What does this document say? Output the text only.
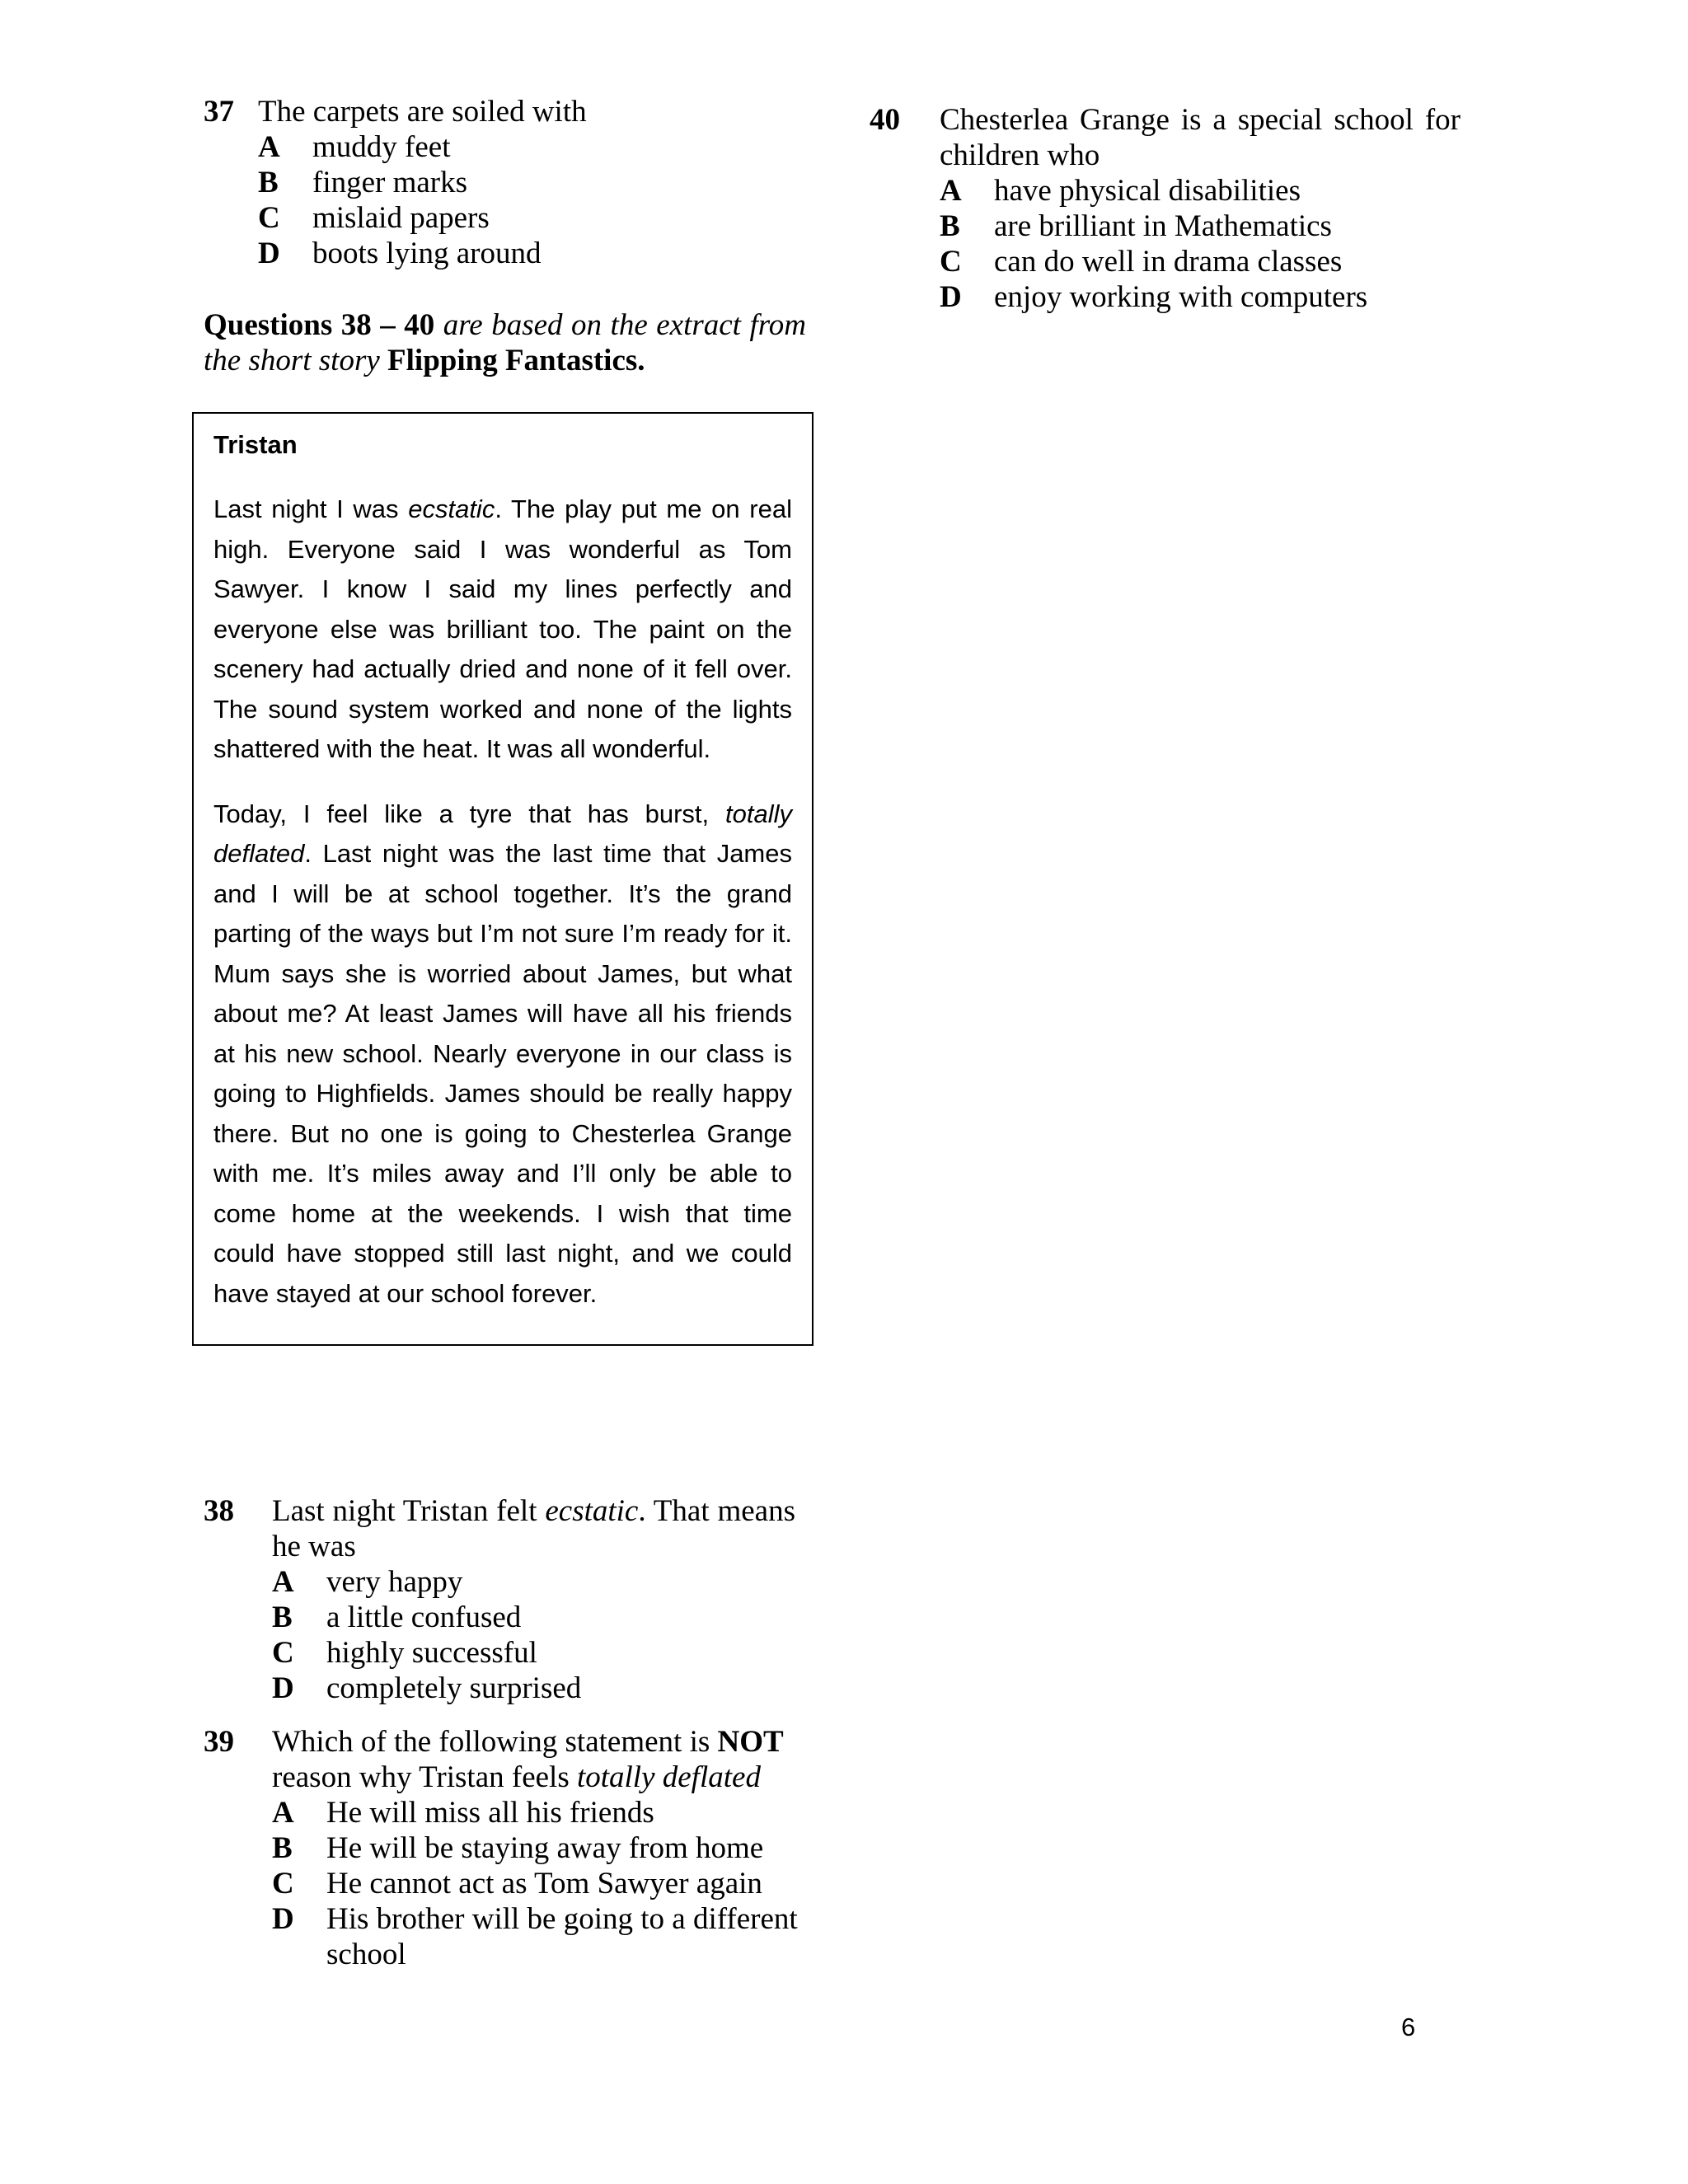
37 The carpets are soiled with
A	muddy feet
B	finger marks
C	mislaid papers
D	boots lying around
Questions 38 – 40 are based on the extract from the short story Flipping Fantastics.
Tristan

Last night I was ecstatic. The play put me on real high. Everyone said I was wonderful as Tom Sawyer. I know I said my lines perfectly and everyone else was brilliant too. The paint on the scenery had actually dried and none of it fell over. The sound system worked and none of the lights shattered with the heat. It was all wonderful.

Today, I feel like a tyre that has burst, totally deflated. Last night was the last time that James and I will be at school together. It’s the grand parting of the ways but I’m not sure I’m ready for it. Mum says she is worried about James, but what about me? At least James will have all his friends at his new school. Nearly everyone in our class is going to Highfields. James should be really happy there. But no one is going to Chesterlea Grange with me. It’s miles away and I’ll only be able to come home at the weekends. I wish that time could have stopped still last night, and we could have stayed at our school forever.

38 Last night Tristan felt ecstatic. That means he was
A	very happy
B	a little confused
C	highly successful
D	completely surprised
39 Which of the following statement is NOT reason why Tristan feels totally deflated
A	He will miss all his friends
B	He will be staying away from home
C	He cannot act as Tom Sawyer again
D	His brother will be going to a different school
40 Chesterlea Grange is a special school for children who
A	have physical disabilities
B	are brilliant in Mathematics
C	can do well in drama classes
D	enjoy working with computers
6
